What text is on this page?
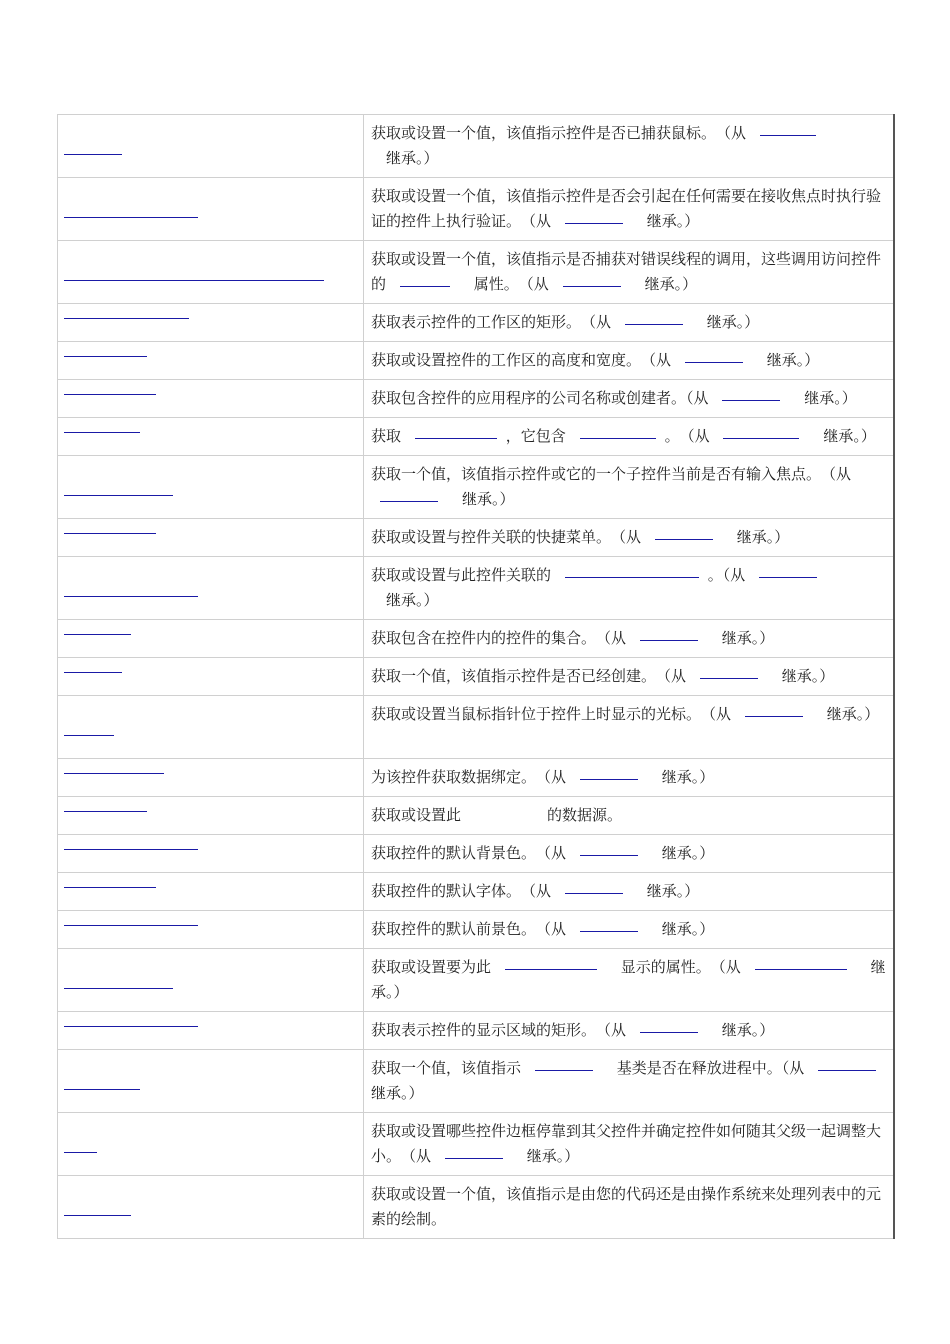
	获取或设置一个值，该值指示控件是否已捕获鼠标。　（从 　继承。）

	获取或设置一个值，该值指示控件是否会引起在任何需要在接收焦点时执行验证的控件上执行验证。　（从 　继承。）

	获取或设置一个值，该值指示是否捕获对错误线程的调用，这些调用访问控件的 　属性。　（从 　继承。）

	获取表示控件的工作区的矩形。　（从 　继承。）

	获取或设置控件的工作区的高度和宽度。　（从 　继承。）

	获取包含控件的应用程序的公司名称或创建者。（从 　继承。）

	获取 ，它包含 。　（从 　继承。）

	获取一个值，该值指示控件或它的一个子控件当前是否有输入焦点。　（从 　继承。）

	获取或设置与控件关联的快捷菜单。　（从 　继承。）

	获取或设置与此控件关联的 。（从 　继承。）

	获取包含在控件内的控件的集合。　（从 　继承。）

	获取一个值，该值指示控件是否已经创建。　（从 　继承。）

	获取或设置当鼠标指针位于控件上时显示的光标。　（从 　继承。）

	为该控件获取数据绑定。　（从 　继承。）

	获取或设置此 的数据源。

	获取控件的默认背景色。　（从 　继承。）

	获取控件的默认字体。　（从 　继承。）

	获取控件的默认前景色。　（从 　继承。）

	获取或设置要为此 　显示的属性。　（从 　继承。）

	获取表示控件的显示区域的矩形。　（从 　继承。）

	获取一个值，该值指示 　基类是否在释放进程中。（从 　继承。）

	获取或设置哪些控件边框停靠到其父控件并确定控件如何随其父级一起调整大小。　（从 　继承。）

	获取或设置一个值，该值指示是由您的代码还是由操作系统来处理列表中的元素的绘制。
